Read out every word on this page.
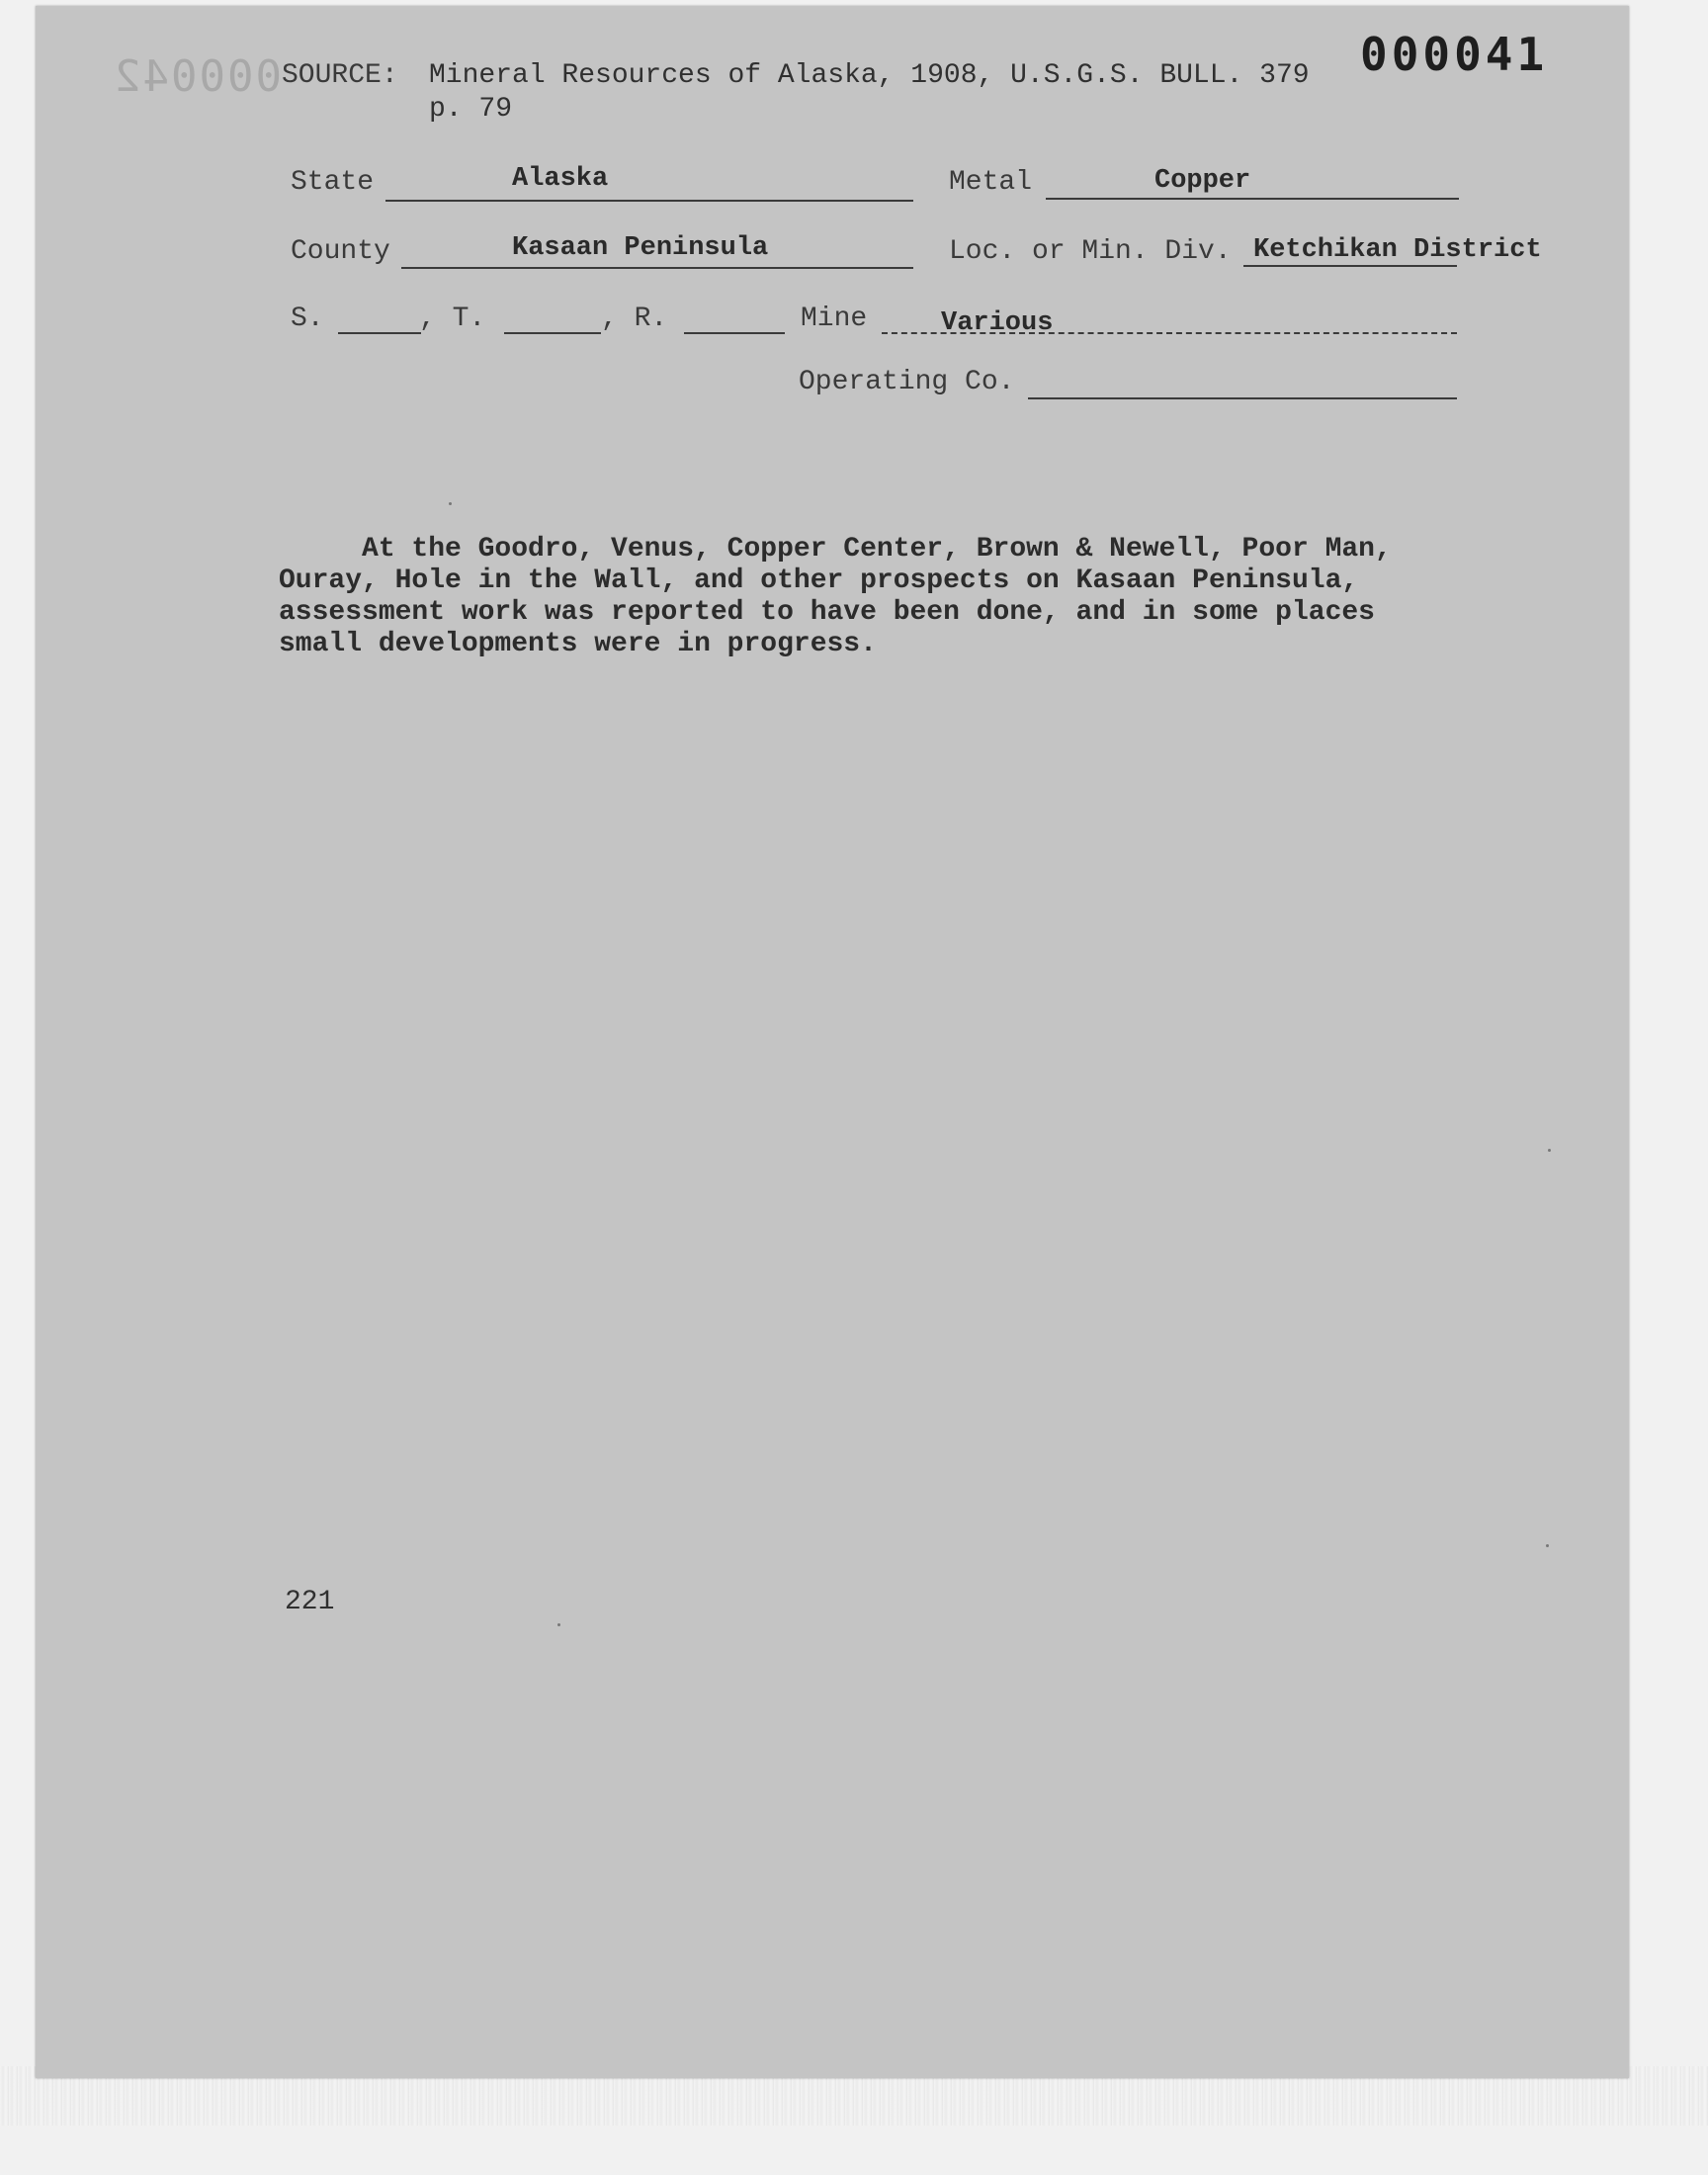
000042	000041
SOURCE: Mineral Resources of Alaska, 1908, U.S.G.S. BULL. 379
p. 79
State	Alaska	Metal	Copper
County	Kasaan Peninsula	Loc. or Min. Div. Ketchikan District
S.	, T.	, R.	Mine	Various
Operating Co.
At the Goodro, Venus, Copper Center, Brown & Newell, Poor Man,
Ouray, Hole in the Wall, and other prospects on Kasaan Peninsula,
assessment work was reported to have been done, and in some places
small developments were in progress.
221
